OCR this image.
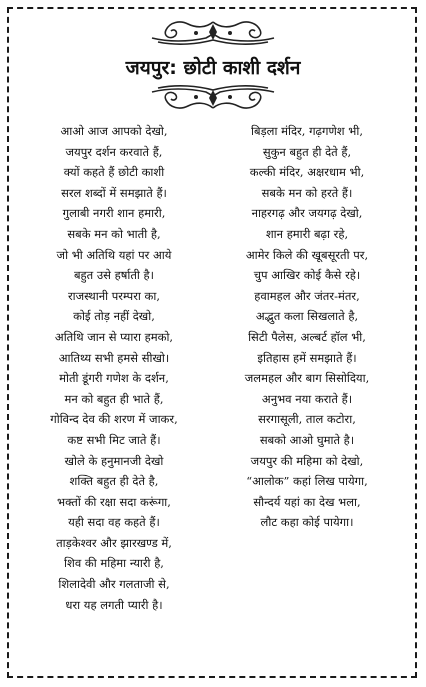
जयपुर: छोटी काशी दर्शन
आओ आज आपको देखो,
जयपुर दर्शन करवाते हैं,
क्यों कहते हैं छोटी काशी
सरल शब्दों में समझाते हैं।
गुलाबी नगरी शान हमारी,
सबके मन को भाती है,
जो भी अतिथि यहां पर आये
बहुत उसे हर्षाती है।
राजस्थानी परम्परा का,
कोई तोड़ नहीं देखो,
अतिथि जान से प्यारा हमको,
आतिथ्य सभी हमसे सीखो।
मोती डूंगरी गणेश के दर्शन,
मन को बहुत ही भाते हैं,
गोविन्द देव की शरण में जाकर,
कष्ट सभी मिट जाते हैं।
खोले के हनुमानजी देखो
शक्ति बहुत ही देते है,
भक्तों की रक्षा सदा करूंगा,
यही सदा वह कहते हैं।
ताड़केश्वर और झारखण्ड में,
शिव की महिमा न्यारी है,
शिलादेवी और गलताजी से,
धरा यह लगती प्यारी है।
बिड़ला मंदिर, गढ़गणेश भी,
सुकुन बहुत ही देते हैं,
कल्की मंदिर, अक्षरधाम भी,
सबके मन को हरते हैं।
नाहरगढ़ और जयगढ़ देखो,
शान हमारी बढ़ा रहे,
आमेर किले की खूबसूरती पर,
चुप आखिर कोई कैसे रहे।
हवामहल और जंतर-मंतर,
अद्भुत कला सिखलाते है,
सिटी पैलेस, अल्बर्ट हॉल भी,
इतिहास हमें समझाते हैं।
जलमहल और बाग सिसोदिया,
अनुभव नया कराते हैं।
सरगासूली, ताल कटोरा,
सबको आओ घुमाते है।
जयपुर की महिमा को देखो,
“आलोक” कहां लिख पायेगा,
सौन्दर्य यहां का देख भला,
लौट कहा कोई पायेगा।
